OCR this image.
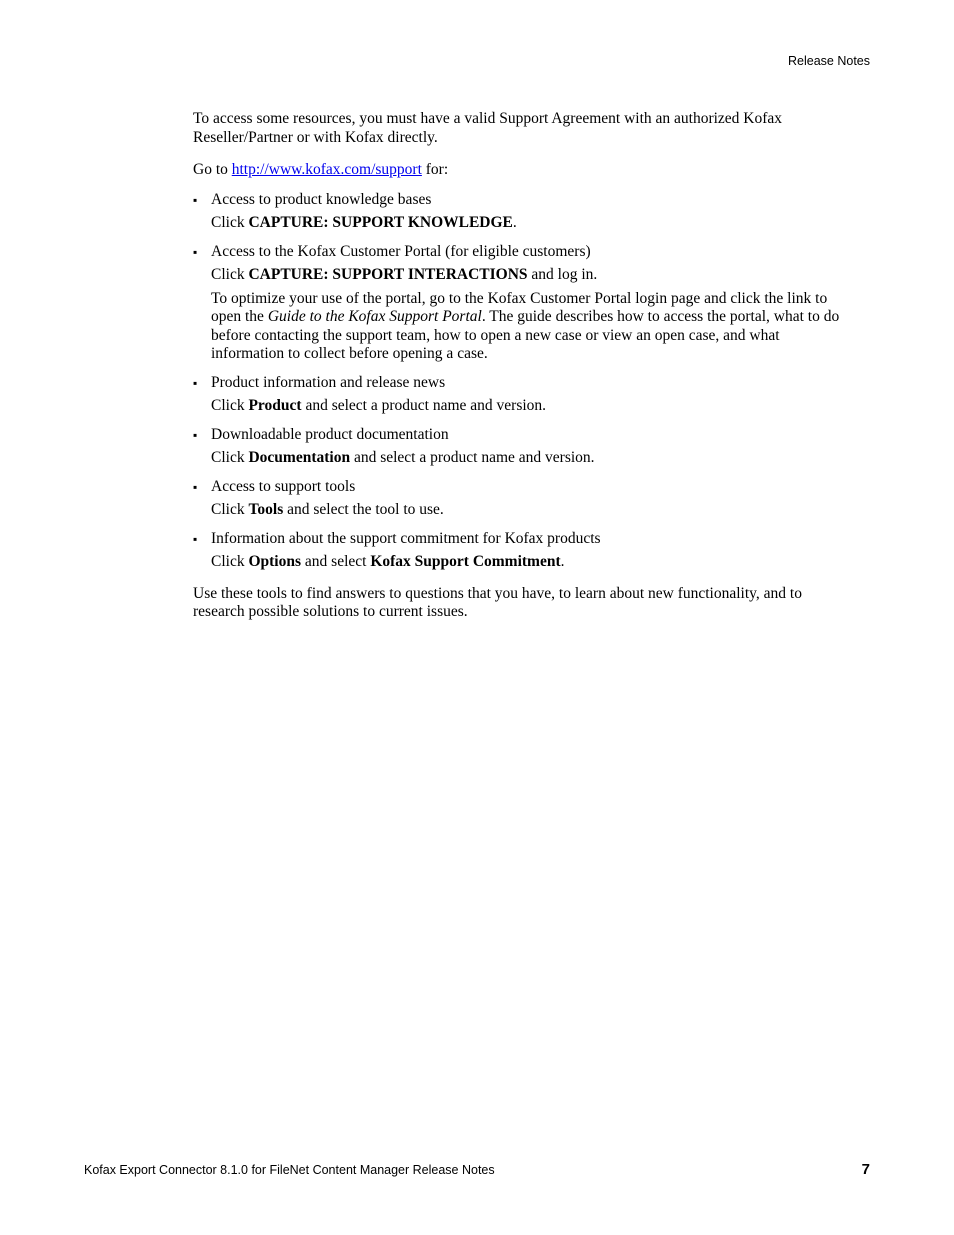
Release Notes

To access some resources, you must have a valid Support Agreement with an authorized Kofax Reseller/Partner or with Kofax directly.

Go to http://www.kofax.com/support for:

▪ Access to product knowledge bases
Click CAPTURE: SUPPORT KNOWLEDGE.
▪ Access to the Kofax Customer Portal (for eligible customers)
Click CAPTURE: SUPPORT INTERACTIONS and log in.
To optimize your use of the portal, go to the Kofax Customer Portal login page and click the link to open the Guide to the Kofax Support Portal. The guide describes how to access the portal, what to do before contacting the support team, how to open a new case or view an open case, and what information to collect before opening a case.
▪ Product information and release news
Click Product and select a product name and version.
▪ Downloadable product documentation
Click Documentation and select a product name and version.
▪ Access to support tools
Click Tools and select the tool to use.
▪ Information about the support commitment for Kofax products
Click Options and select Kofax Support Commitment.

Use these tools to find answers to questions that you have, to learn about new functionality, and to research possible solutions to current issues.

Kofax Export Connector 8.1.0 for FileNet Content Manager Release Notes	7
